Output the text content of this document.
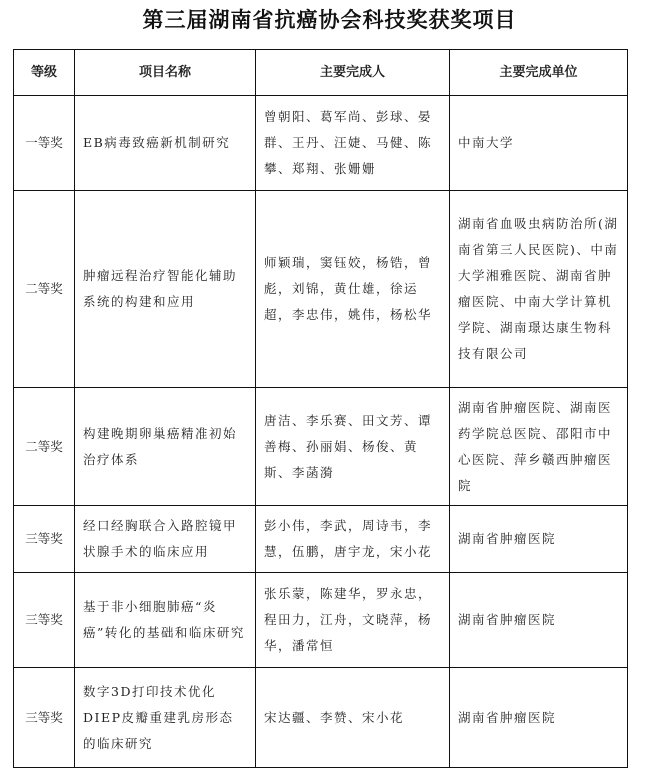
第三届湖南省抗癌协会科技奖获奖项目
等级	项目名称	主要完成人	主要完成单位
一等奖	EB病毒致癌新机制研究	曾朝阳、葛军尚、彭球、晏群、王丹、汪婕、马健、陈攀、郑翔、张姗姗	中南大学
二等奖	肿瘤远程治疗智能化辅助系统的构建和应用	师颖瑞，窦钰姣，杨锆，曾彪，刘锦，黄仕雄，徐运超，李忠伟，姚伟，杨松华	湖南省血吸虫病防治所(湖南省第三人民医院)、中南大学湘雅医院、湖南省肿瘤医院、中南大学计算机学院、湖南璟达康生物科技有限公司
二等奖	构建晚期卵巢癌精准初始治疗体系	唐洁、李乐赛、田文芳、谭善梅、孙丽娟、杨俊、黄斯、李菡漪	湖南省肿瘤医院、湖南医药学院总医院、邵阳市中心医院、萍乡赣西肿瘤医院
三等奖	经口经胸联合入路腔镜甲状腺手术的临床应用	彭小伟，李武，周诗韦，李慧，伍鹏，唐宇龙，宋小花	湖南省肿瘤医院
三等奖	基于非小细胞肺癌“炎癌”转化的基础和临床研究	张乐蒙，陈建华，罗永忠，程田力，江舟，文晓萍，杨华，潘常恒	湖南省肿瘤医院
三等奖	数字3D打印技术优化DIEP皮瓣重建乳房形态的临床研究	宋达疆、李赞、宋小花	湖南省肿瘤医院
